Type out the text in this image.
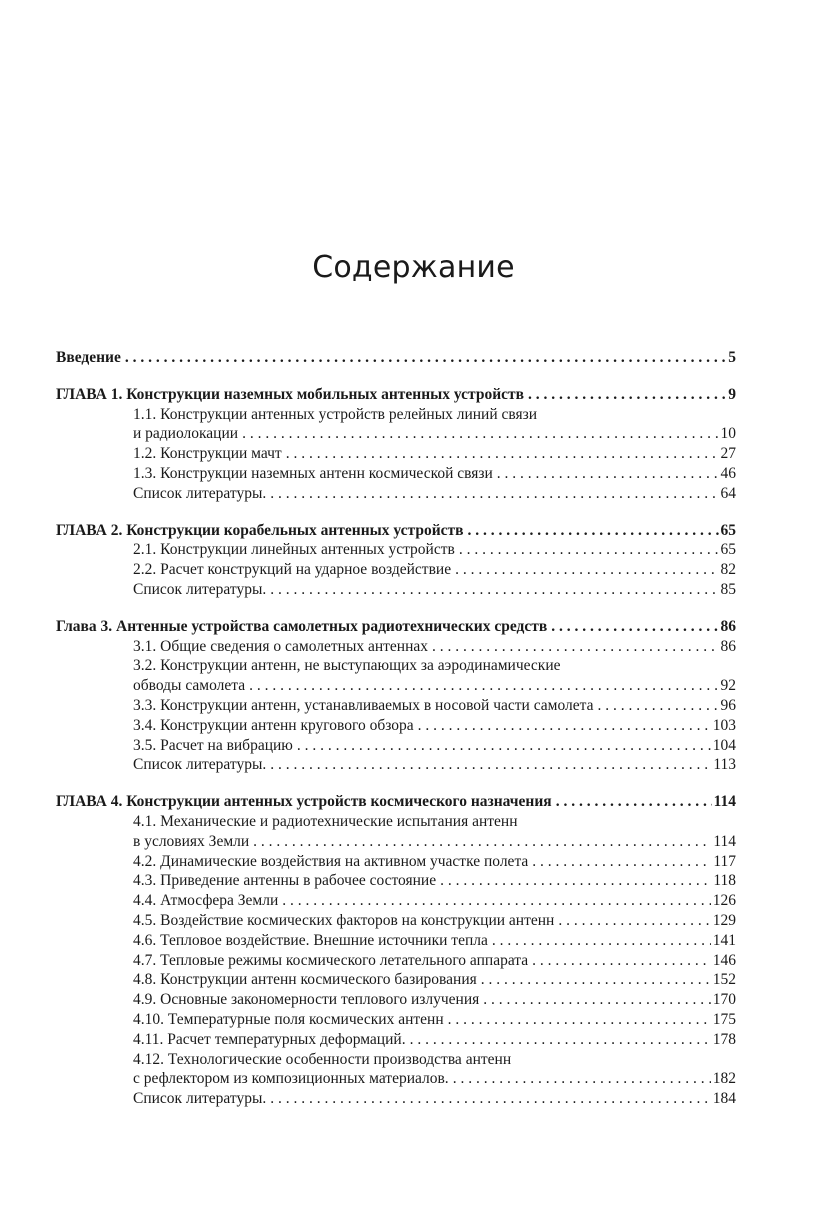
Содержание
Введение . . .	5
ГЛАВА 1. Конструкции наземных мобильных антенных устройств . . .	9
1.1. Конструкции антенных устройств релейных линий связи
и радиолокации . . .	10
1.2. Конструкции мачт . . .	27
1.3. Конструкции наземных антенн космической связи . . .	46
Список литературы. . . .	64
ГЛАВА 2. Конструкции корабельных антенных устройств . . .	65
2.1. Конструкции линейных антенных устройств . . .	65
2.2. Расчет конструкций на ударное воздействие . . .	82
Список литературы. . . .	85
Глава 3. Антенные устройства самолетных радиотехнических средств . . .	86
3.1. Общие сведения о самолетных антеннах . . .	86
3.2. Конструкции антенн, не выступающих за аэродинамические
обводы самолета . . .	92
3.3. Конструкции антенн, устанавливаемых в носовой части самолета . . .	96
3.4. Конструкции антенн кругового обзора . . .	103
3.5. Расчет на вибрацию . . .	104
Список литературы. . . .	113
ГЛАВА 4. Конструкции антенных устройств космического назначения . . .	114
4.1. Механические и радиотехнические испытания антенн
в условиях Земли . . .	114
4.2. Динамические воздействия на активном участке полета . . .	117
4.3. Приведение антенны в рабочее состояние . . .	118
4.4. Атмосфера Земли . . .	126
4.5. Воздействие космических факторов на конструкции антенн . . .	129
4.6. Тепловое воздействие. Внешние источники тепла . . .	141
4.7. Тепловые режимы космического летательного аппарата . . .	146
4.8. Конструкции антенн космического базирования . . .	152
4.9. Основные закономерности теплового излучения . . .	170
4.10. Температурные поля космических антенн . . .	175
4.11. Расчет температурных деформаций. . . .	178
4.12. Технологические особенности производства антенн
с рефлектором из композиционных материалов. . . .	182
Список литературы. . . .	184
